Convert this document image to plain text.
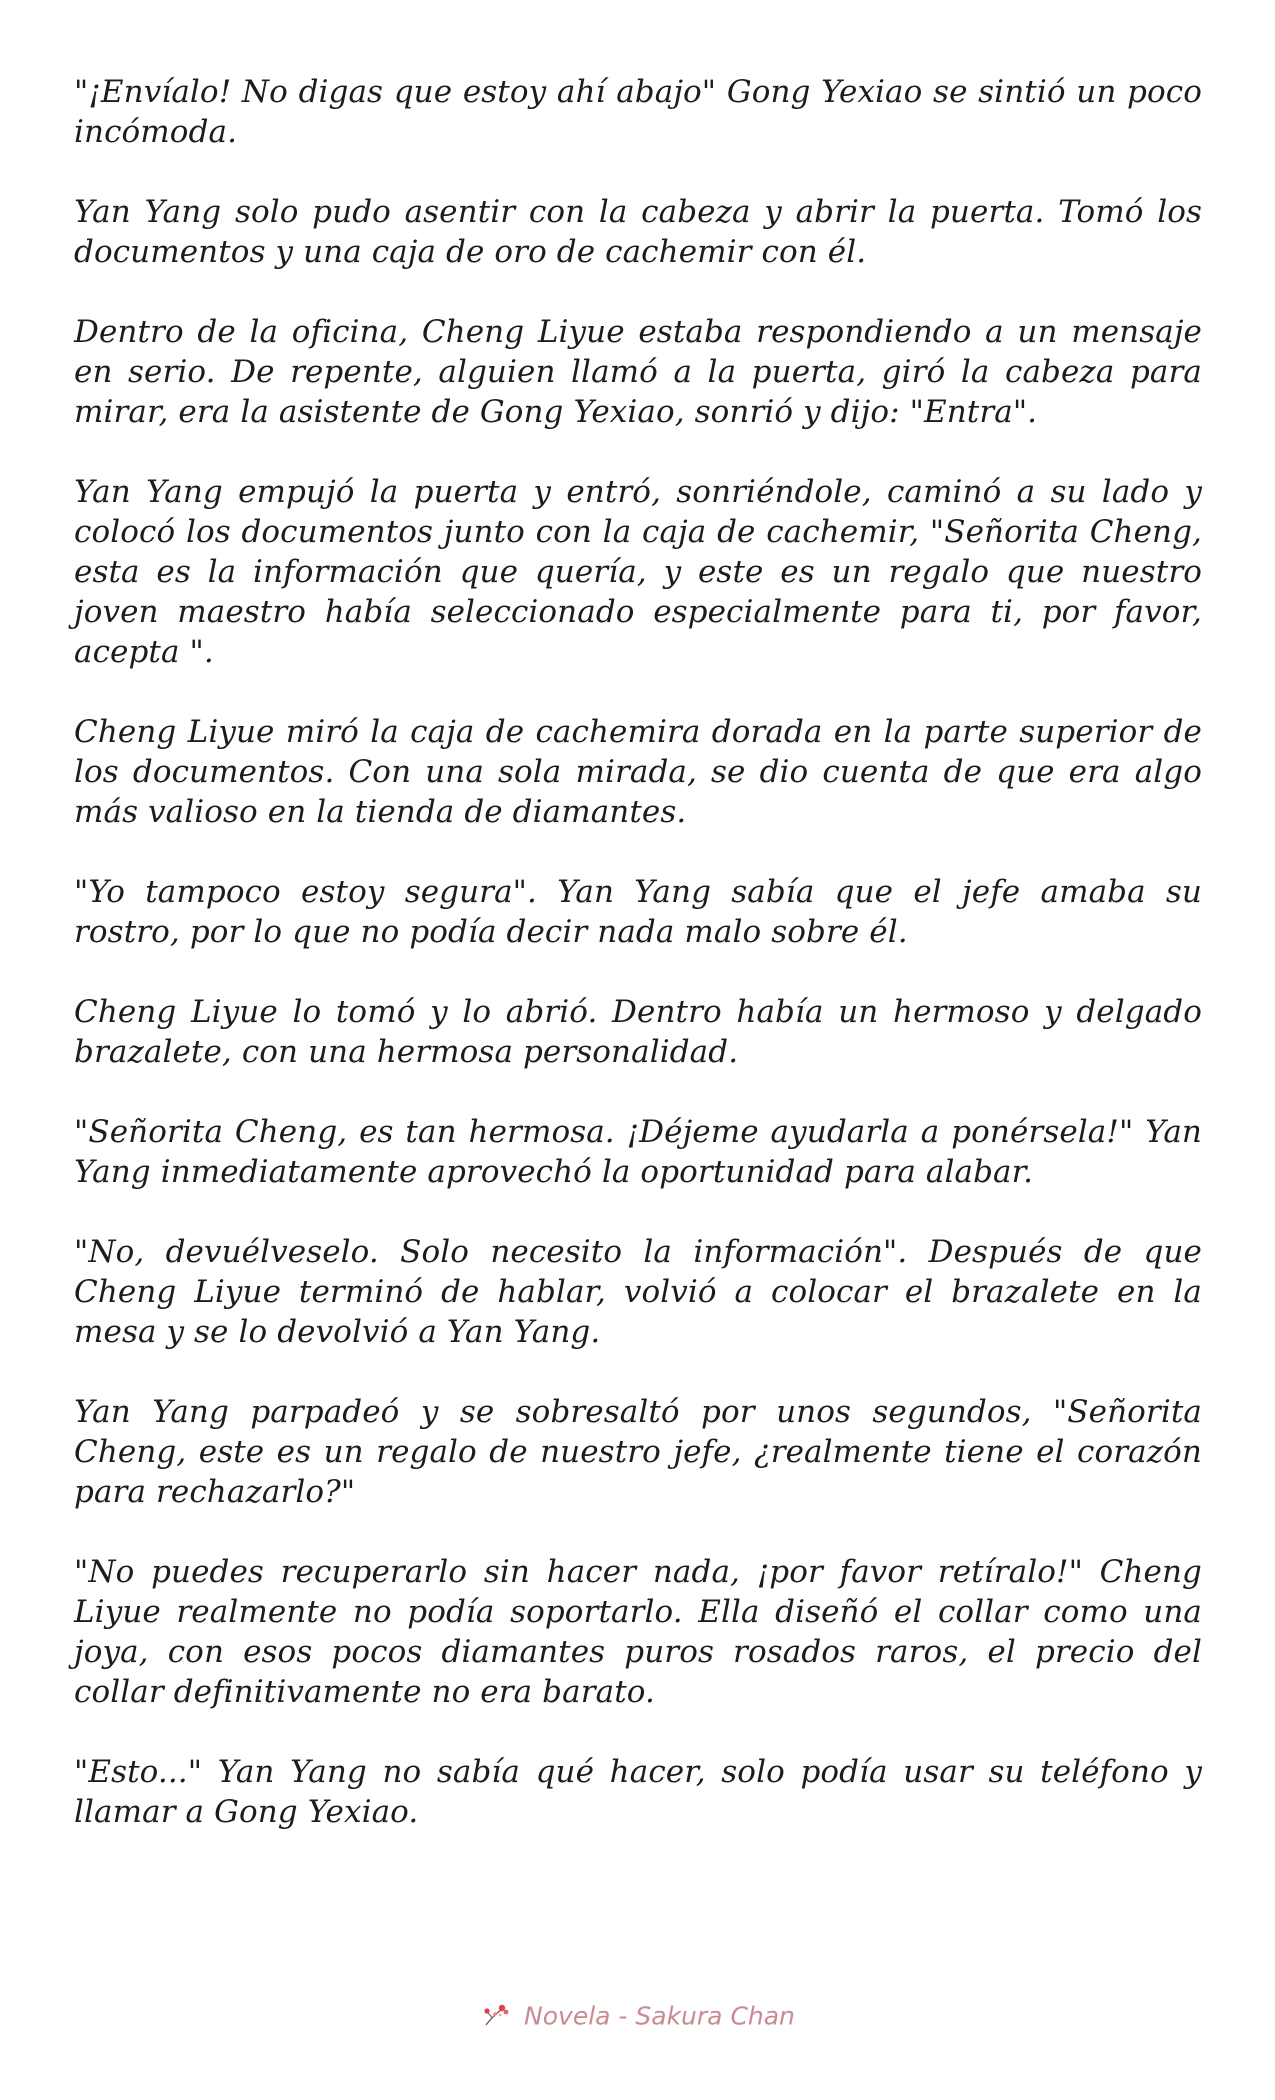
"¡Envíalo! No digas que estoy ahí abajo" Gong Yexiao se sintió un poco incómoda.

Yan Yang solo pudo asentir con la cabeza y abrir la puerta. Tomó los documentos y una caja de oro de cachemir con él.

Dentro de la oficina, Cheng Liyue estaba respondiendo a un mensaje en serio. De repente, alguien llamó a la puerta, giró la cabeza para mirar, era la asistente de Gong Yexiao, sonrió y dijo: "Entra".

Yan Yang empujó la puerta y entró, sonriéndole, caminó a su lado y colocó los documentos junto con la caja de cachemir, "Señorita Cheng, esta es la información que quería, y este es un regalo que nuestro joven maestro había seleccionado especialmente para ti, por favor, acepta ".

Cheng Liyue miró la caja de cachemira dorada en la parte superior de los documentos. Con una sola mirada, se dio cuenta de que era algo más valioso en la tienda de diamantes.

"Yo tampoco estoy segura". Yan Yang sabía que el jefe amaba su rostro, por lo que no podía decir nada malo sobre él.

Cheng Liyue lo tomó y lo abrió. Dentro había un hermoso y delgado brazalete, con una hermosa personalidad.

"Señorita Cheng, es tan hermosa. ¡Déjeme ayudarla a ponérsela!" Yan Yang inmediatamente aprovechó la oportunidad para alabar.

"No, devuélveselo. Solo necesito la información". Después de que Cheng Liyue terminó de hablar, volvió a colocar el brazalete en la mesa y se lo devolvió a Yan Yang.

Yan Yang parpadeó y se sobresaltó por unos segundos, "Señorita Cheng, este es un regalo de nuestro jefe, ¿realmente tiene el corazón para rechazarlo?"

"No puedes recuperarlo sin hacer nada, ¡por favor retíralo!" Cheng Liyue realmente no podía soportarlo. Ella diseñó el collar como una joya, con esos pocos diamantes puros rosados raros, el precio del collar definitivamente no era barato.

"Esto..." Yan Yang no sabía qué hacer, solo podía usar su teléfono y llamar a Gong Yexiao.

Novela - Sakura Chan
